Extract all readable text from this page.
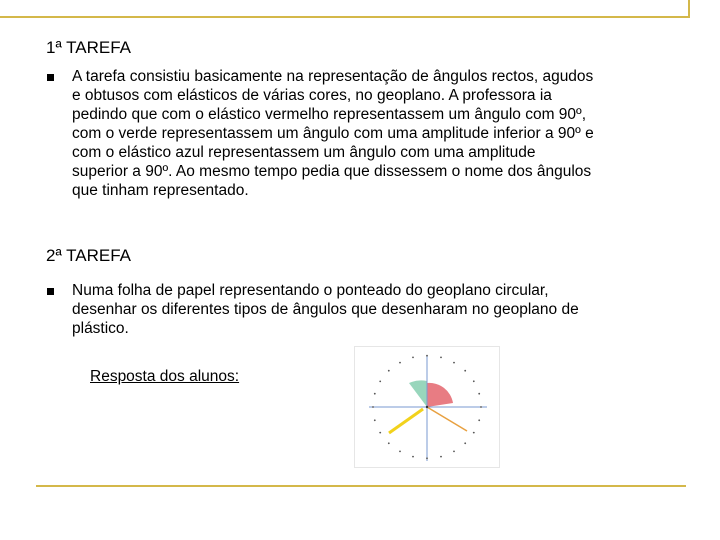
1ª TAREFA
A tarefa consistiu basicamente na representação de ângulos rectos, agudos
e obtusos com elásticos de várias cores, no geoplano. A professora ia
pedindo que com o elástico vermelho representassem um ângulo com 90º,
com o verde representassem um ângulo com uma amplitude inferior a 90º e
com o elástico azul representassem um ângulo com uma amplitude
superior a 90º. Ao mesmo tempo pedia que dissessem o nome dos ângulos
que tinham representado.
2ª TAREFA
Numa folha de papel representando o ponteado do geoplano circular,
desenhar os diferentes tipos de ângulos que desenharam no geoplano de
plástico.
Resposta dos alunos:
